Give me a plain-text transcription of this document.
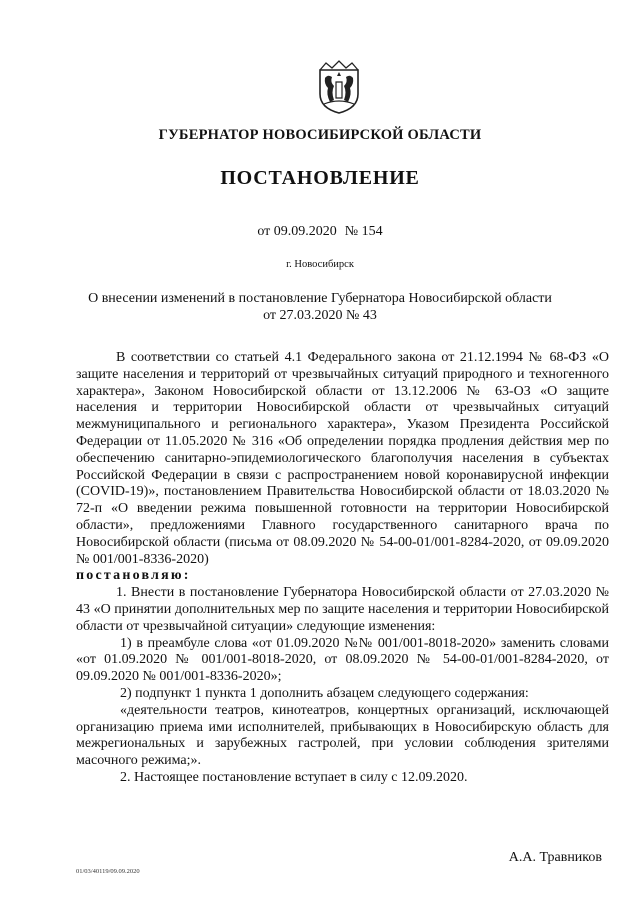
ГУБЕРНАТОР НОВОСИБИРСКОЙ ОБЛАСТИ
ПОСТАНОВЛЕНИЕ
от 09.09.2020 № 154
г. Новосибирск
О внесении изменений в постановление Губернатора Новосибирской области
от 27.03.2020 № 43

В соответствии со статьей 4.1 Федерального закона от 21.12.1994 № 68-ФЗ «О защите населения и территорий от чрезвычайных ситуаций природного и техногенного характера», Законом Новосибирской области от 13.12.2006 № 63-ОЗ «О защите населения и территории Новосибирской области от чрезвычайных ситуаций межмуниципального и регионального характера», Указом Президента Российской Федерации от 11.05.2020 № 316 «Об определении порядка продления действия мер по обеспечению санитарно-эпидемиологического благополучия населения в субъектах Российской Федерации в связи с распространением новой коронавирусной инфекции (COVID-19)», постановлением Правительства Новосибирской области от 18.03.2020 № 72-п «О введении режима повышенной готовности на территории Новосибирской области», предложениями Главного государственного санитарного врача по Новосибирской области (письма от 08.09.2020 № 54-00-01/001-8284-2020, от 09.09.2020 № 001/001-8336-2020)
постановляю:

1. Внести в постановление Губернатора Новосибирской области от 27.03.2020 № 43 «О принятии дополнительных мер по защите населения и территории Новосибирской области от чрезвычайной ситуации» следующие изменения:

1) в преамбуле слова «от 01.09.2020 №№ 001/001-8018-2020» заменить словами «от 01.09.2020 № 001/001-8018-2020, от 08.09.2020 № 54-00-01/001-8284-2020, от 09.09.2020 № 001/001-8336-2020»;

2) подпункт 1 пункта 1 дополнить абзацем следующего содержания:

«деятельности театров, кинотеатров, концертных организаций, исключающей организацию приема ими исполнителей, прибывающих в Новосибирскую область для межрегиональных и зарубежных гастролей, при условии соблюдения зрителями масочного режима;».

2. Настоящее постановление вступает в силу с 12.09.2020.

А.А. Травников
01/03/40119/09.09.2020
